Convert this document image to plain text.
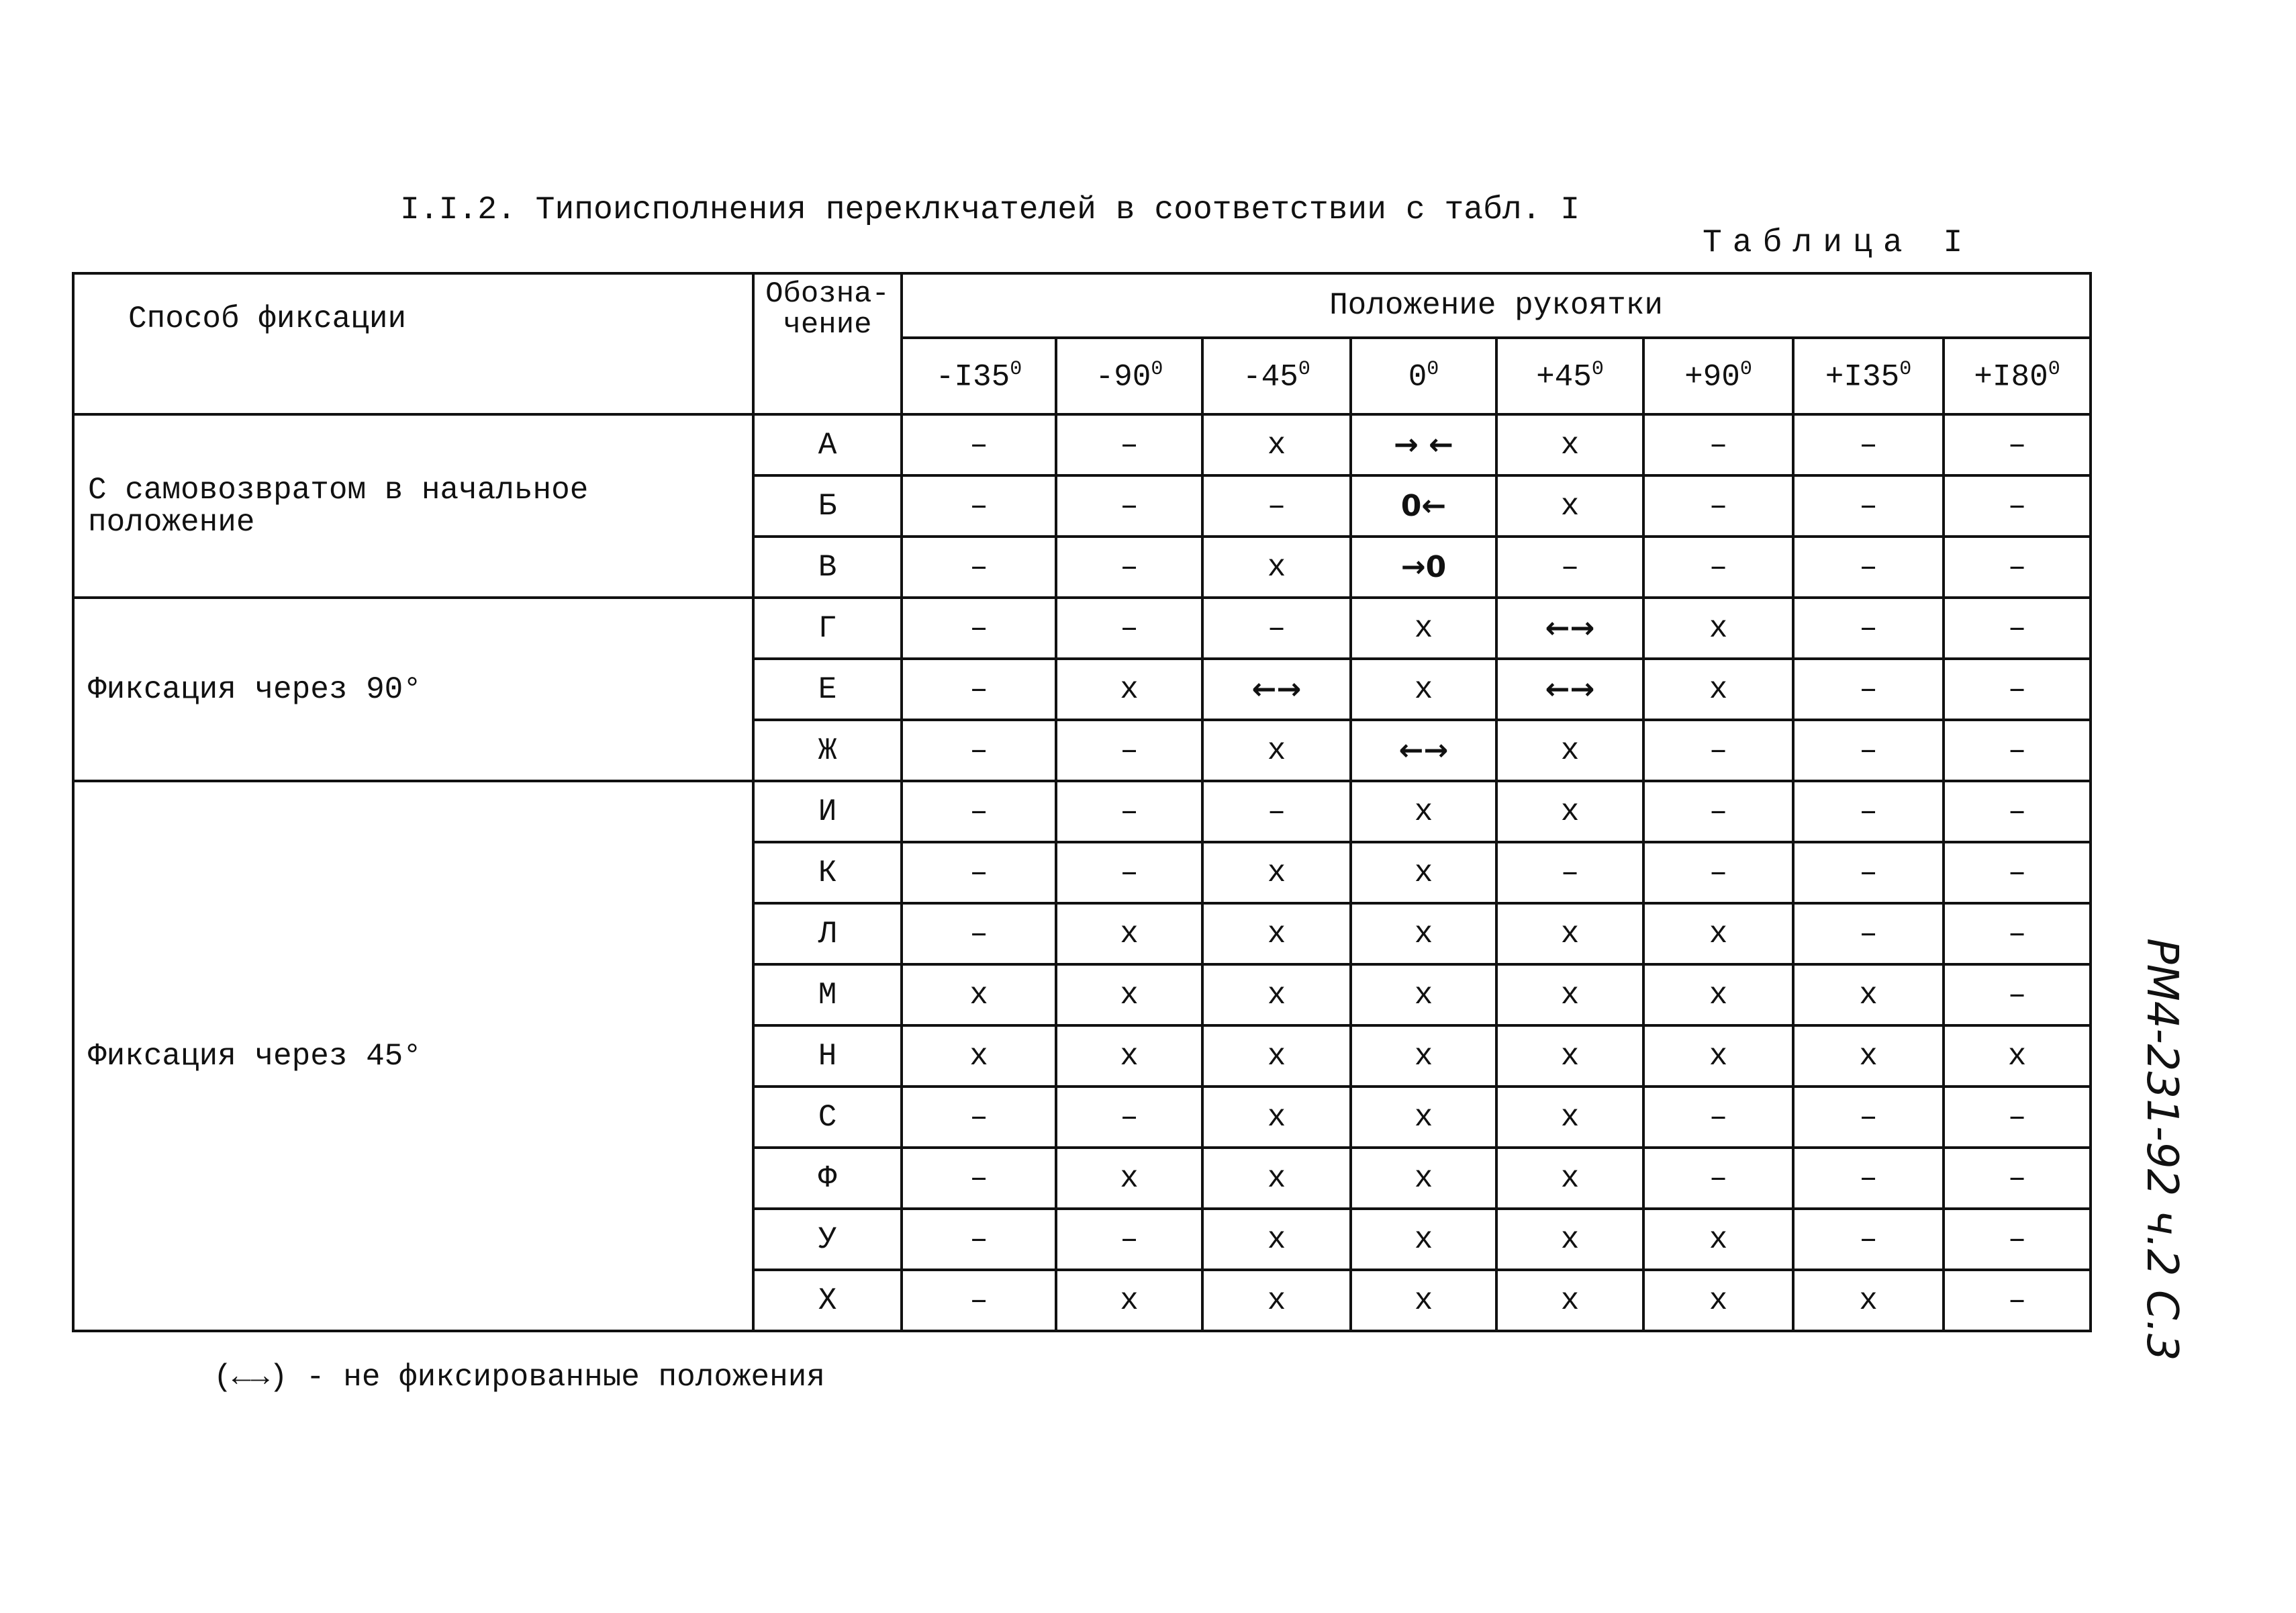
I.I.2. Типоисполнения переклкчателей в соответствии с табл. I
Таблица I
Способ фиксации	Обозна-чение	Положение рукоятки							
		$-I35^0$	$-90^0$	$-45^0$	$0^0$	$+45^0$	$+90^0$	$+I35^0$	$+I80^0$
С самовозвратом в начальное положение	А	–	–	x	→ ←	x	–	–	–
	Б	–	–	–	0←	x	–	–	–
	В	–	–	x	→0	–	–	–	–
Фиксация через 90°	Г	–	–	–	x	←→	x	–	–
	Е	–	x	←→	x	←→	x	–	–
	Ж	–	–	x	←→	x	–	–	–
Фиксация через 45°	И	–	–	–	x	x	–	–	–
	К	–	–	x	x	–	–	–	–
	Л	–	x	x	x	x	x	–	–
	М	x	x	x	x	x	x	x	–
	Н	x	x	x	x	x	x	x	x
	С	–	–	x	x	x	–	–	–
	Ф	–	x	x	x	x	–	–	–
	У	–	–	x	x	x	x	–	–
	Х	–	x	x	x	x	x	x	–
(←→) - не фиксированные положения
РМ4-231-92 ч.2 С.3
